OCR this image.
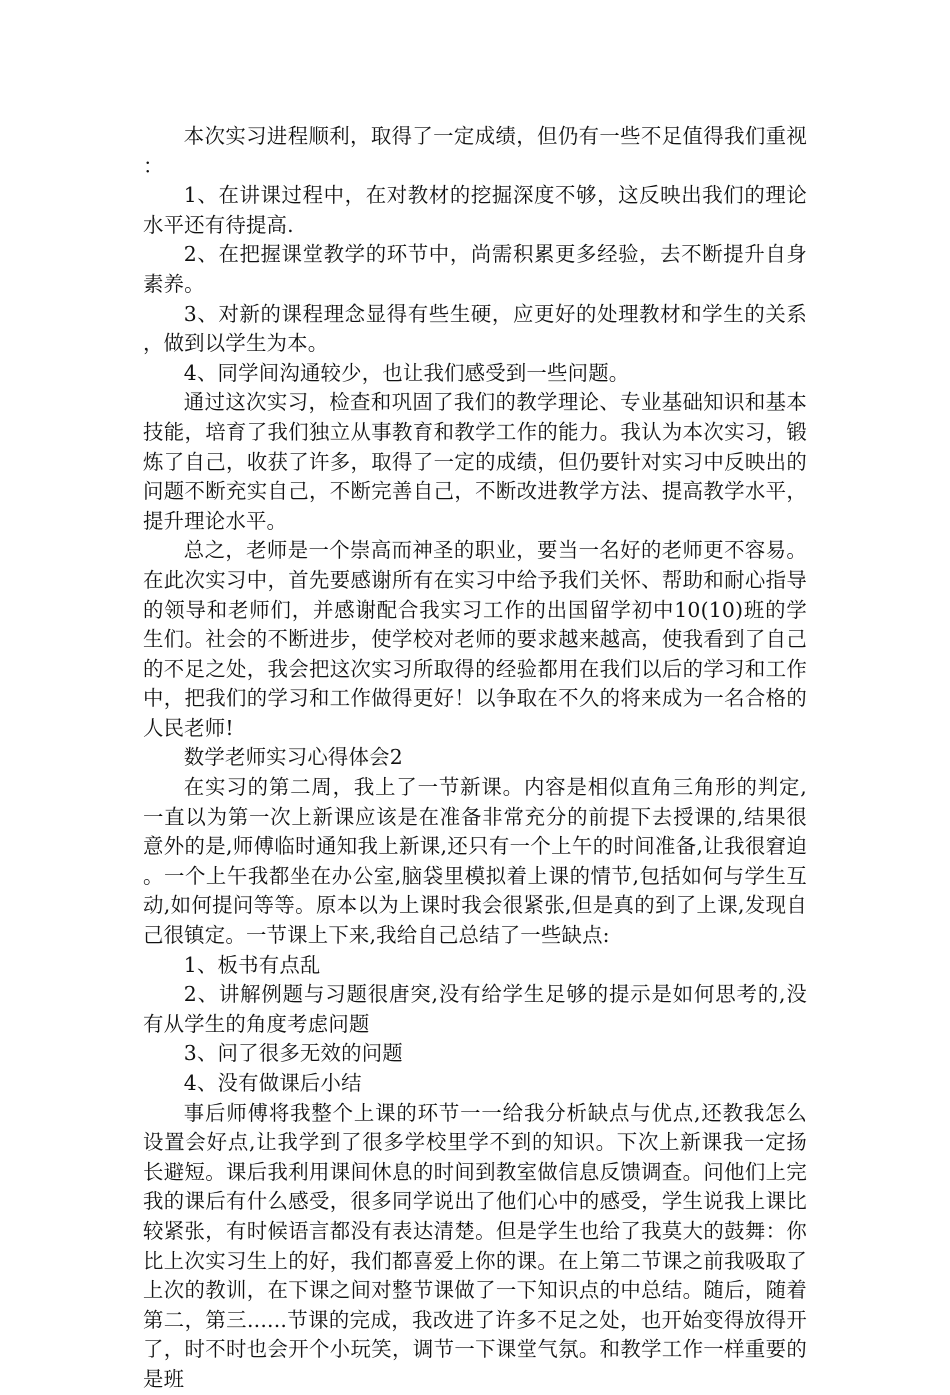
本次实习进程顺利，取得了一定成绩，但仍有一些不足值得我们重视：

1、在讲课过程中，在对教材的挖掘深度不够，这反映出我们的理论水平还有待提高.

2、在把握课堂教学的环节中，尚需积累更多经验，去不断提升自身素养。

3、对新的课程理念显得有些生硬，应更好的处理教材和学生的关系，做到以学生为本。

4、同学间沟通较少，也让我们感受到一些问题。

通过这次实习，检查和巩固了我们的教学理论、专业基础知识和基本技能，培育了我们独立从事教育和教学工作的能力。我认为本次实习，锻炼了自己，收获了许多，取得了一定的成绩，但仍要针对实习中反映出的问题不断充实自己，不断完善自己，不断改进教学方法、提高教学水平，提升理论水平。

总之，老师是一个崇高而神圣的职业，要当一名好的老师更不容易。在此次实习中，首先要感谢所有在实习中给予我们关怀、帮助和耐心指导的领导和老师们，并感谢配合我实习工作的出国留学初中10(10)班的学生们。社会的不断进步，使学校对老师的要求越来越高，使我看到了自己的不足之处，我会把这次实习所取得的经验都用在我们以后的学习和工作中，把我们的学习和工作做得更好！以争取在不久的将来成为一名合格的人民老师!

数学老师实习心得体会2

在实习的第二周，我上了一节新课。内容是相似直角三角形的判定,一直以为第一次上新课应该是在准备非常充分的前提下去授课的,结果很意外的是,师傅临时通知我上新课,还只有一个上午的时间准备,让我很窘迫。一个上午我都坐在办公室,脑袋里模拟着上课的情节,包括如何与学生互动,如何提问等等。原本以为上课时我会很紧张,但是真的到了上课,发现自己很镇定。一节课上下来,我给自己总结了一些缺点:

1、板书有点乱

2、讲解例题与习题很唐突,没有给学生足够的提示是如何思考的,没有从学生的角度考虑问题

3、问了很多无效的问题

4、没有做课后小结

事后师傅将我整个上课的环节一一给我分析缺点与优点,还教我怎么设置会好点,让我学到了很多学校里学不到的知识。下次上新课我一定扬长避短。课后我利用课间休息的时间到教室做信息反馈调查。问他们上完我的课后有什么感受，很多同学说出了他们心中的感受，学生说我上课比较紧张，有时候语言都没有表达清楚。但是学生也给了我莫大的鼓舞：你比上次实习生上的好，我们都喜爱上你的课。在上第二节课之前我吸取了上次的教训，在下课之间对整节课做了一下知识点的中总结。随后，随着第二，第三......节课的完成，我改进了许多不足之处，也开始变得放得开了，时不时也会开个小玩笑，调节一下课堂气氛。和教学工作一样重要的是班
